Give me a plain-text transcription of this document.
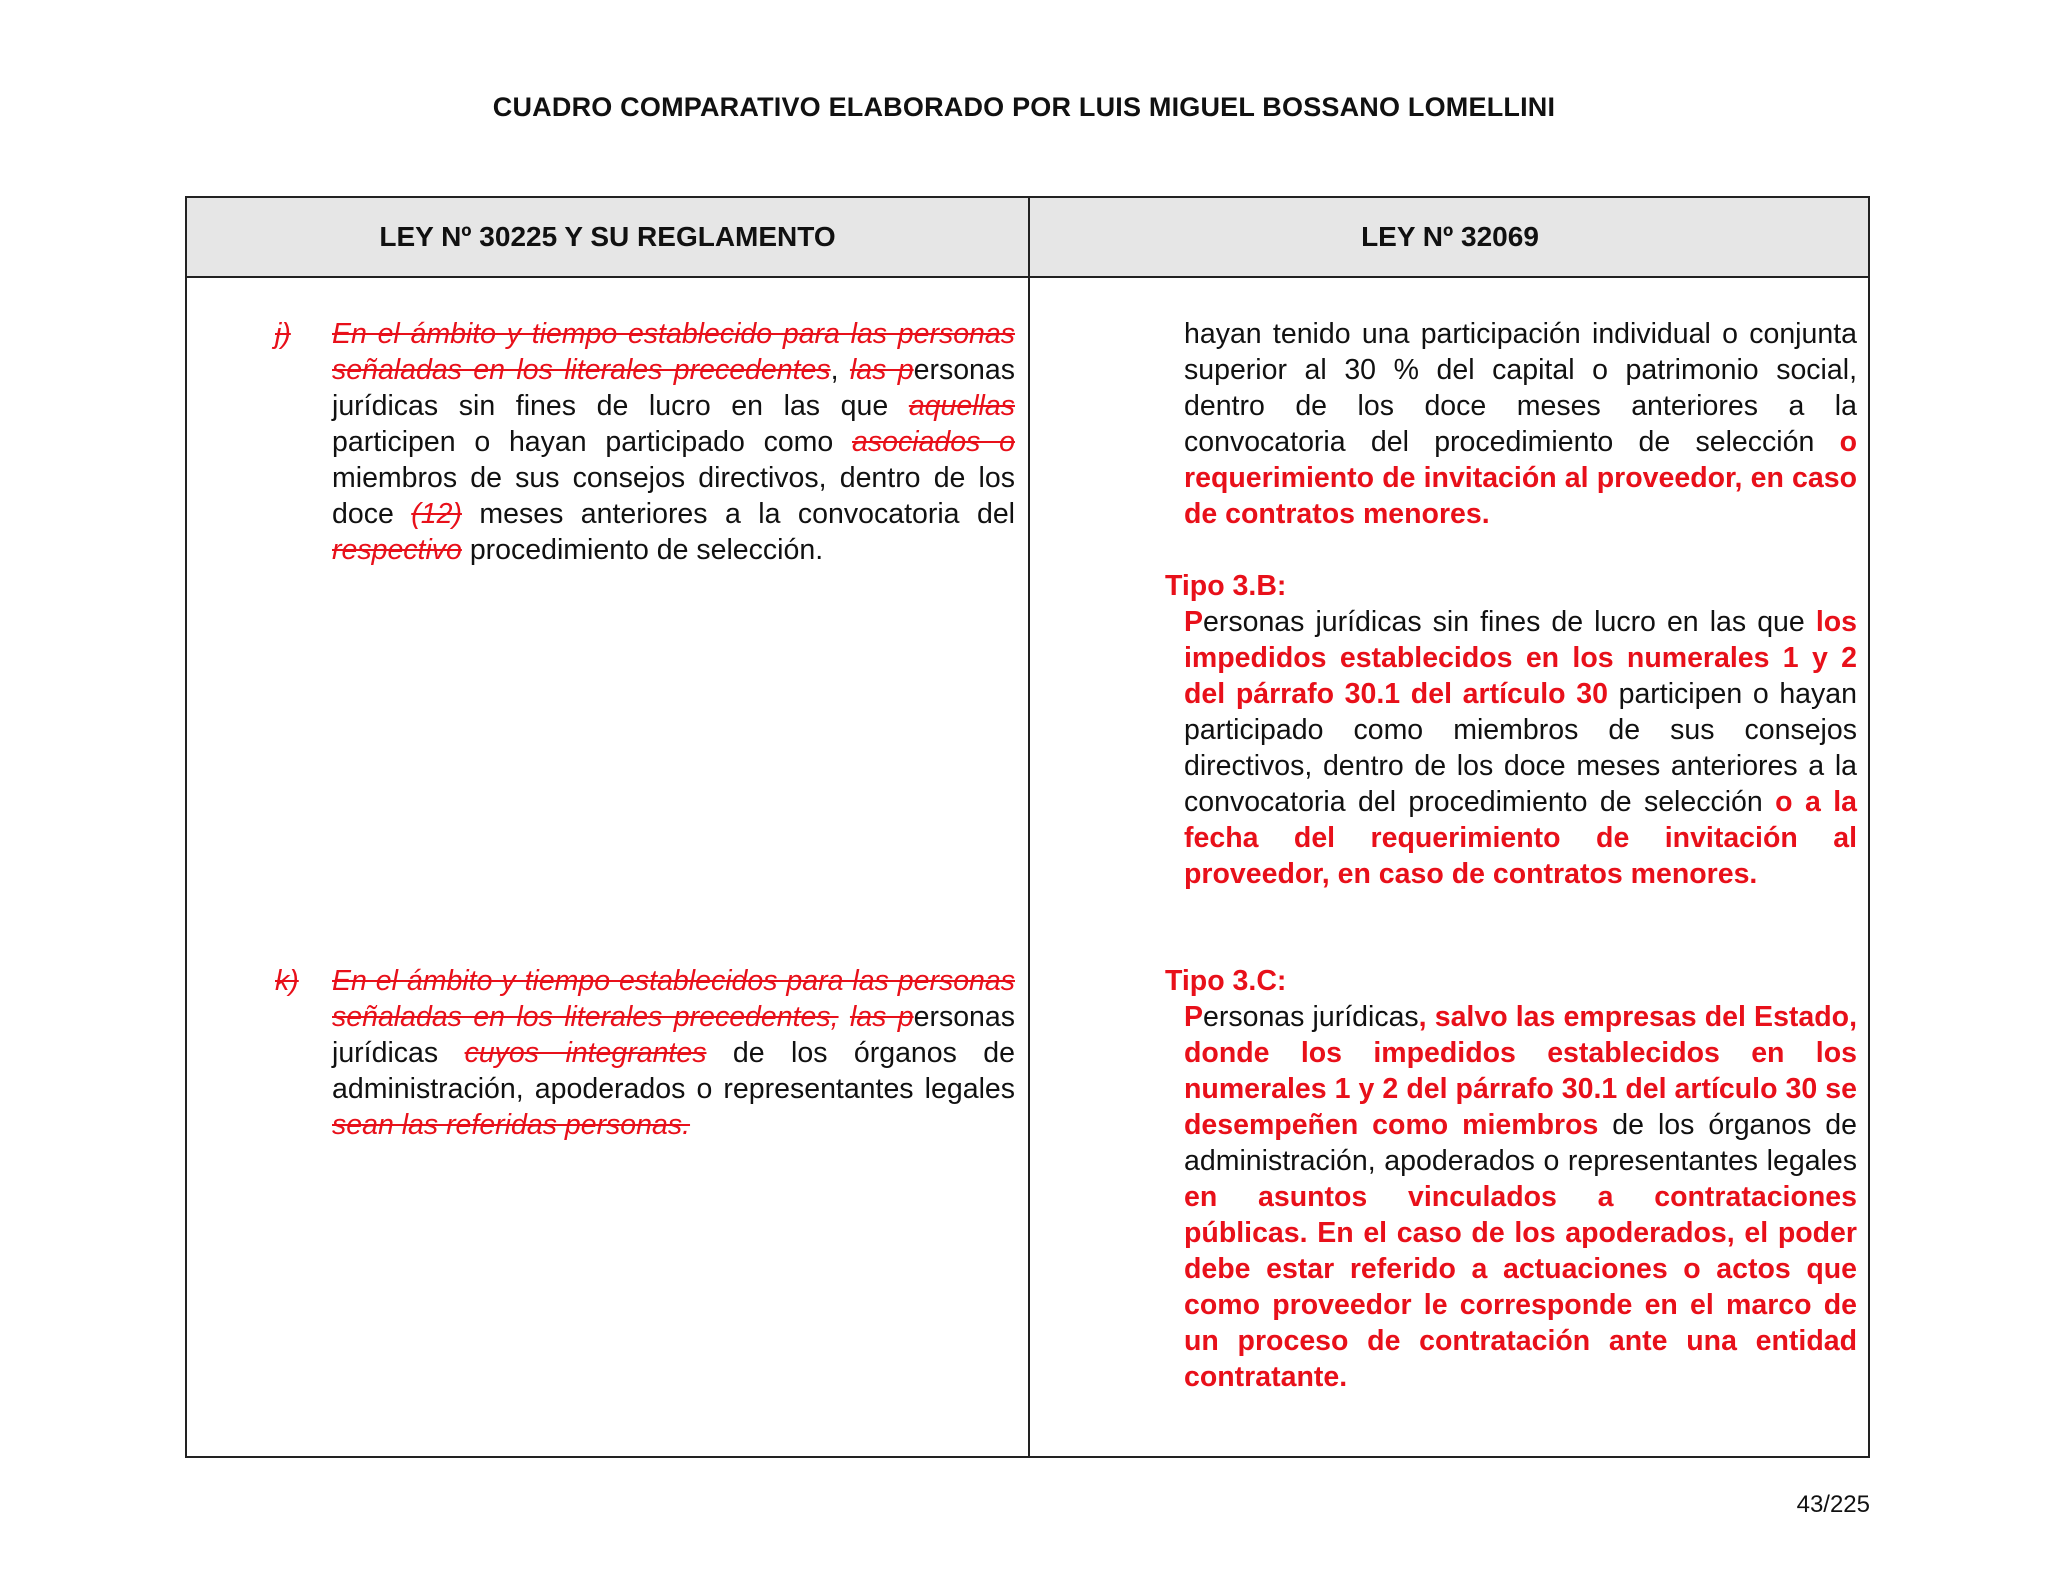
CUADRO COMPARATIVO ELABORADO POR LUIS MIGUEL BOSSANO LOMELLINI
LEY Nº 30225 Y SU REGLAMENTO	LEY Nº 32069
j) En el ámbito y tiempo establecido para las personas señaladas en los literales precedentes, las personas jurídicas sin fines de lucro en las que aquellas participen o hayan participado como asociados o miembros de sus consejos directivos, dentro de los doce (12) meses anteriores a la convocatoria del respectivo procedimiento de selección.

k) En el ámbito y tiempo establecidos para las personas señaladas en los literales precedentes, las personas jurídicas cuyos integrantes de los órganos de administración, apoderados o representantes legales sean las referidas personas.

hayan tenido una participación individual o conjunta superior al 30 % del capital o patrimonio social, dentro de los doce meses anteriores a la convocatoria del procedimiento de selección o requerimiento de invitación al proveedor, en caso de contratos menores.

Tipo 3.B:

Personas jurídicas sin fines de lucro en las que los impedidos establecidos en los numerales 1 y 2 del párrafo 30.1 del artículo 30 participen o hayan participado como miembros de sus consejos directivos, dentro de los doce meses anteriores a la convocatoria del procedimiento de selección o a la fecha del requerimiento de invitación al proveedor, en caso de contratos menores.

Tipo 3.C:

Personas jurídicas, salvo las empresas del Estado, donde los impedidos establecidos en los numerales 1 y 2 del párrafo 30.1 del artículo 30 se desempeñen como miembros de los órganos de administración, apoderados o representantes legales en asuntos vinculados a contrataciones públicas. En el caso de los apoderados, el poder debe estar referido a actuaciones o actos que como proveedor le corresponde en el marco de un proceso de contratación ante una entidad contratante.

43/225
